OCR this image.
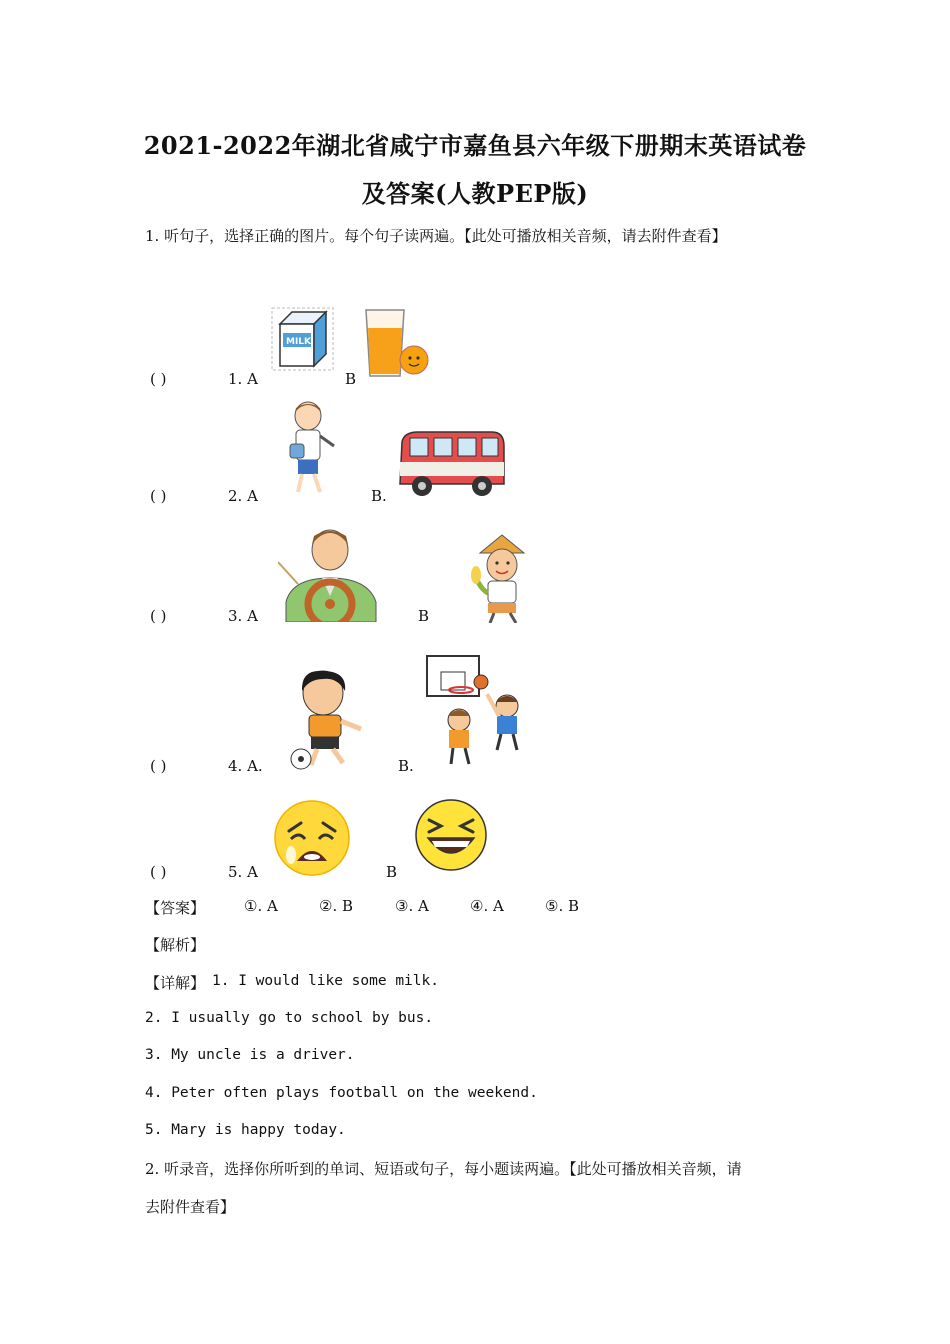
2021-2022年湖北省咸宁市嘉鱼县六年级下册期末英语试卷
及答案(人教PEP版)
1. 听句子，选择正确的图片。每个句子读两遍。【此处可播放相关音频，请去附件查看】
( )	1. A	B
MILK
( )	2. A	B.
( )	3. A	B
( )	4. A.	B.
( )	5. A	B
【答案】	①. A	②. B	③. A	④. A	⑤. B
【解析】
【详解】 1. I would like some milk.
2. I usually go to school by bus.
3. My uncle is a driver.
4. Peter often plays football on the weekend.
5. Mary is happy today.
2. 听录音，选择你所听到的单词、短语或句子，每小题读两遍。【此处可播放相关音频，请
去附件查看】
